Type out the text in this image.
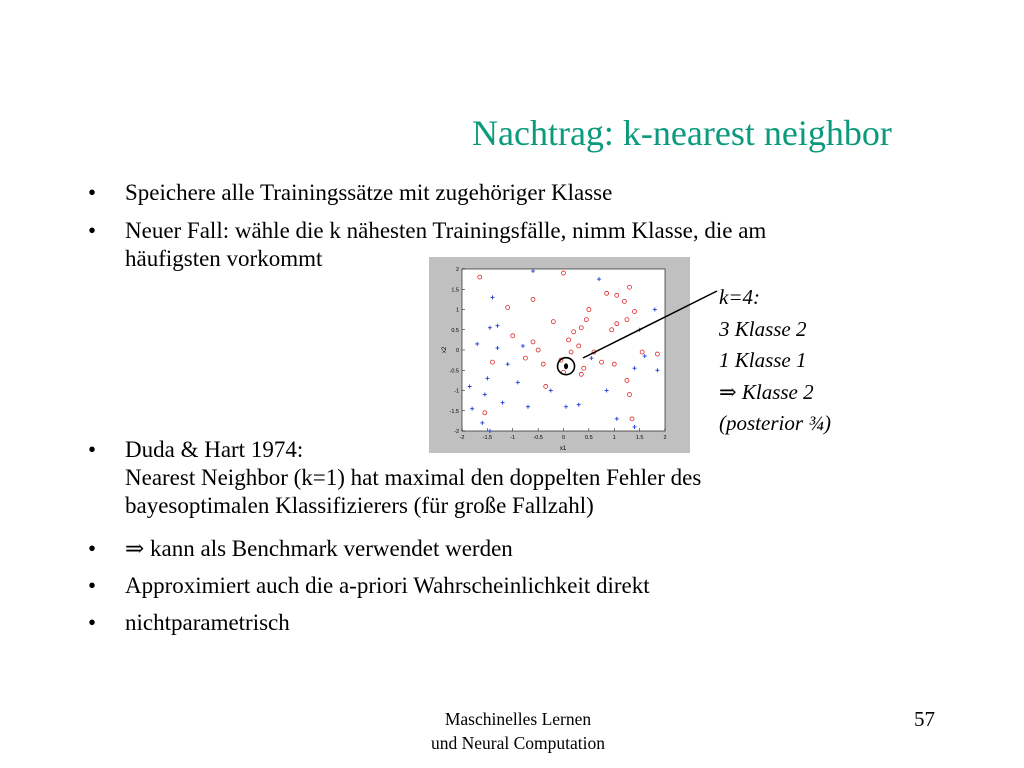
Nachtrag: k-nearest neighbor
• Speichere alle Trainingssätze mit zugehöriger Klasse
• Neuer Fall: wähle die k nähesten Trainingsfälle, nimm Klasse, die am
häufigsten vorkommt
-2	-1.5	-1	-0.5	0	0.5	1	1.5	2
2
1.5
1
0.5
0
-0.5
-1
-1.5
-2
x1
x2
k=4:
3 Klasse 2
1 Klasse 1
⇒ Klasse 2
(posterior ¾)
• Duda & Hart 1974:
Nearest Neighbor (k=1) hat maximal den doppelten Fehler des
bayesoptimalen Klassifizierers (für große Fallzahl)
• ⇒ kann als Benchmark verwendet werden
• Approximiert auch die a-priori Wahrscheinlichkeit direkt
• nichtparametrisch
Maschinelles Lernen
und Neural Computation
57
